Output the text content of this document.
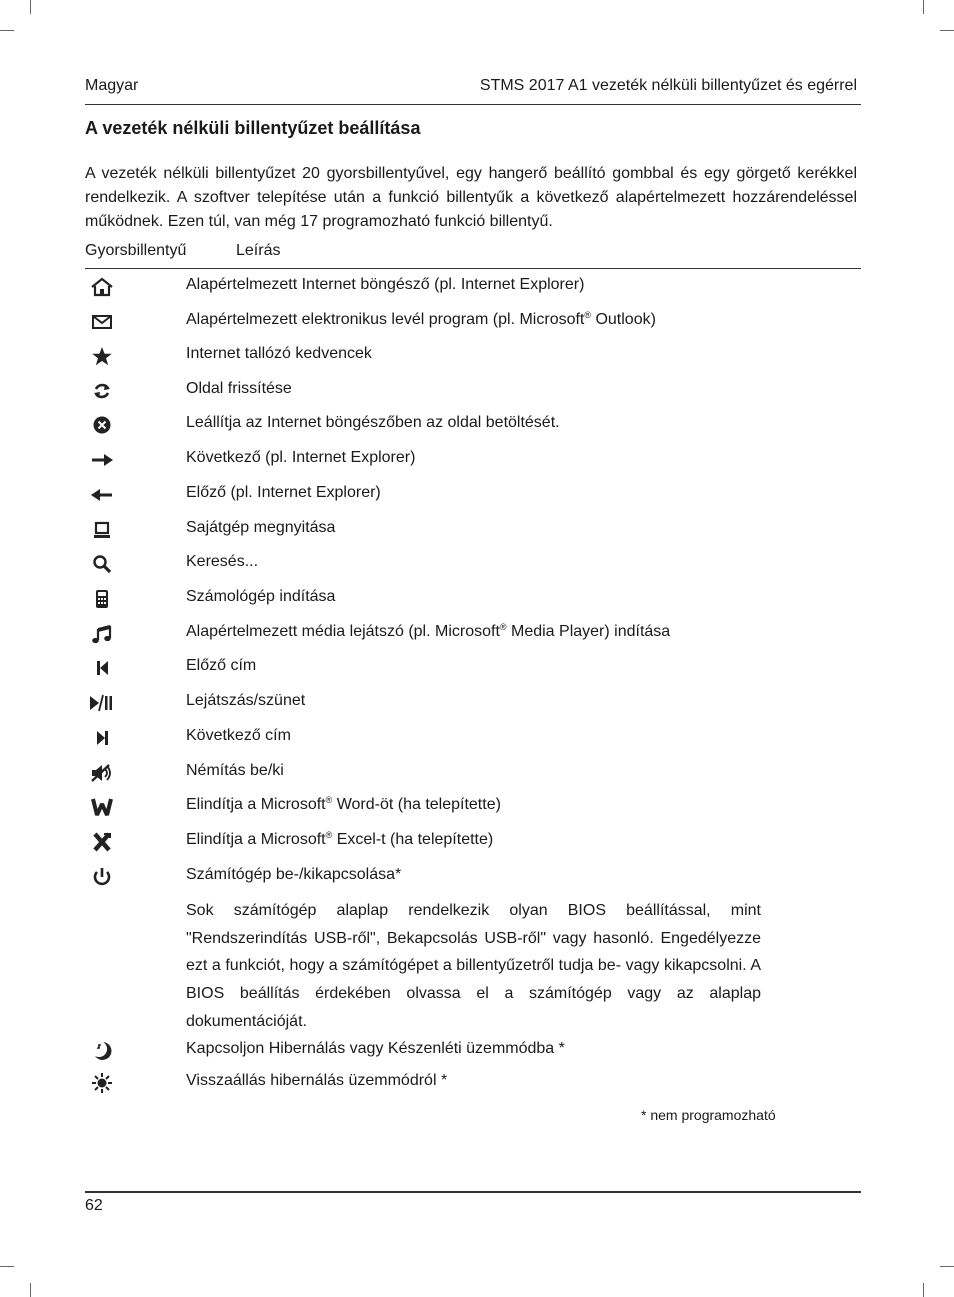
Magyar	STMS 2017 A1 vezeték nélküli billentyűzet és egérrel
A vezeték nélküli billentyűzet beállítása

A vezeték nélküli billentyűzet 20 gyorsbillentyűvel, egy hangerő beállító gombbal és egy görgető kerékkel rendelkezik. A szoftver telepítése után a funkció billentyűk a következő alapértelmezett hozzárendeléssel működnek. Ezen túl, van még 17 programozható funkció billentyű.

Gyorsbillentyű	Leírás
Alapértelmezett Internet böngésző (pl. Internet Explorer)
Alapértelmezett elektronikus levél program (pl. Microsoft® Outlook)
Internet tallózó kedvencek
Oldal frissítése
Leállítja az Internet böngészőben az oldal betöltését.
Következő (pl. Internet Explorer)
Előző (pl. Internet Explorer)
Sajátgép megnyitása
Keresés...
Számológép indítása
Alapértelmezett média lejátszó (pl. Microsoft® Media Player) indítása
Előző cím
Lejátszás/szünet
Következő cím
Némítás be/ki
Elindítja a Microsoft® Word-öt (ha telepítette)
Elindítja a Microsoft® Excel-t (ha telepítette)
Számítógép be-/kikapcsolása*
Kapcsoljon Hibernálás vagy Készenléti üzemmódba *
Visszaállás hibernálás üzemmódról *

Sok számítógép alaplap rendelkezik olyan BIOS beállítással, mint "Rendszerindítás USB-ről", Bekapcsolás USB-ről" vagy hasonló. Engedélyezze ezt a funkciót, hogy a számítógépet a billentyűzetről tudja be- vagy kikapcsolni. A BIOS beállítás érdekében olvassa el a számítógép vagy az alaplap dokumentációját.

* nem programozható
62
